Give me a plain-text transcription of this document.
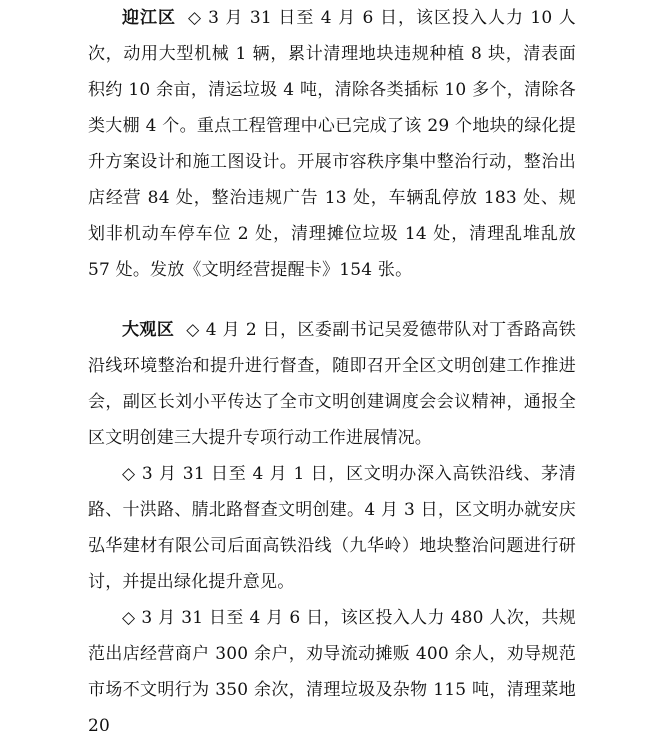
迎江区 ◇ 3 月 31 日至 4 月 6 日，该区投入人力 10 人次，动用大型机械 1 辆，累计清理地块违规种植 8 块，清表面积约 10 余亩，清运垃圾 4 吨，清除各类插标 10 多个，清除各类大棚 4 个。重点工程管理中心已完成了该 29 个地块的绿化提升方案设计和施工图设计。开展市容秩序集中整治行动，整治出店经营 84 处，整治违规广告 13 处，车辆乱停放 183 处、规划非机动车停车位 2 处，清理摊位垃圾 14 处，清理乱堆乱放 57 处。发放《文明经营提醒卡》154 张。

大观区 ◇ 4 月 2 日，区委副书记吴爱德带队对丁香路高铁沿线环境整治和提升进行督查，随即召开全区文明创建工作推进会，副区长刘小平传达了全市文明创建调度会会议精神，通报全区文明创建三大提升专项行动工作进展情况。

◇ 3 月 31 日至 4 月 1 日，区文明办深入高铁沿线、茅清路、十洪路、腈北路督查文明创建。4 月 3 日，区文明办就安庆弘华建材有限公司后面高铁沿线（九华岭）地块整治问题进行研讨，并提出绿化提升意见。

◇ 3 月 31 日至 4 月 6 日，该区投入人力 480 人次，共规范出店经营商户 300 余户，劝导流动摊贩 400 余人，劝导规范市场不文明行为 350 余次，清理垃圾及杂物 115 吨，清理菜地 20
